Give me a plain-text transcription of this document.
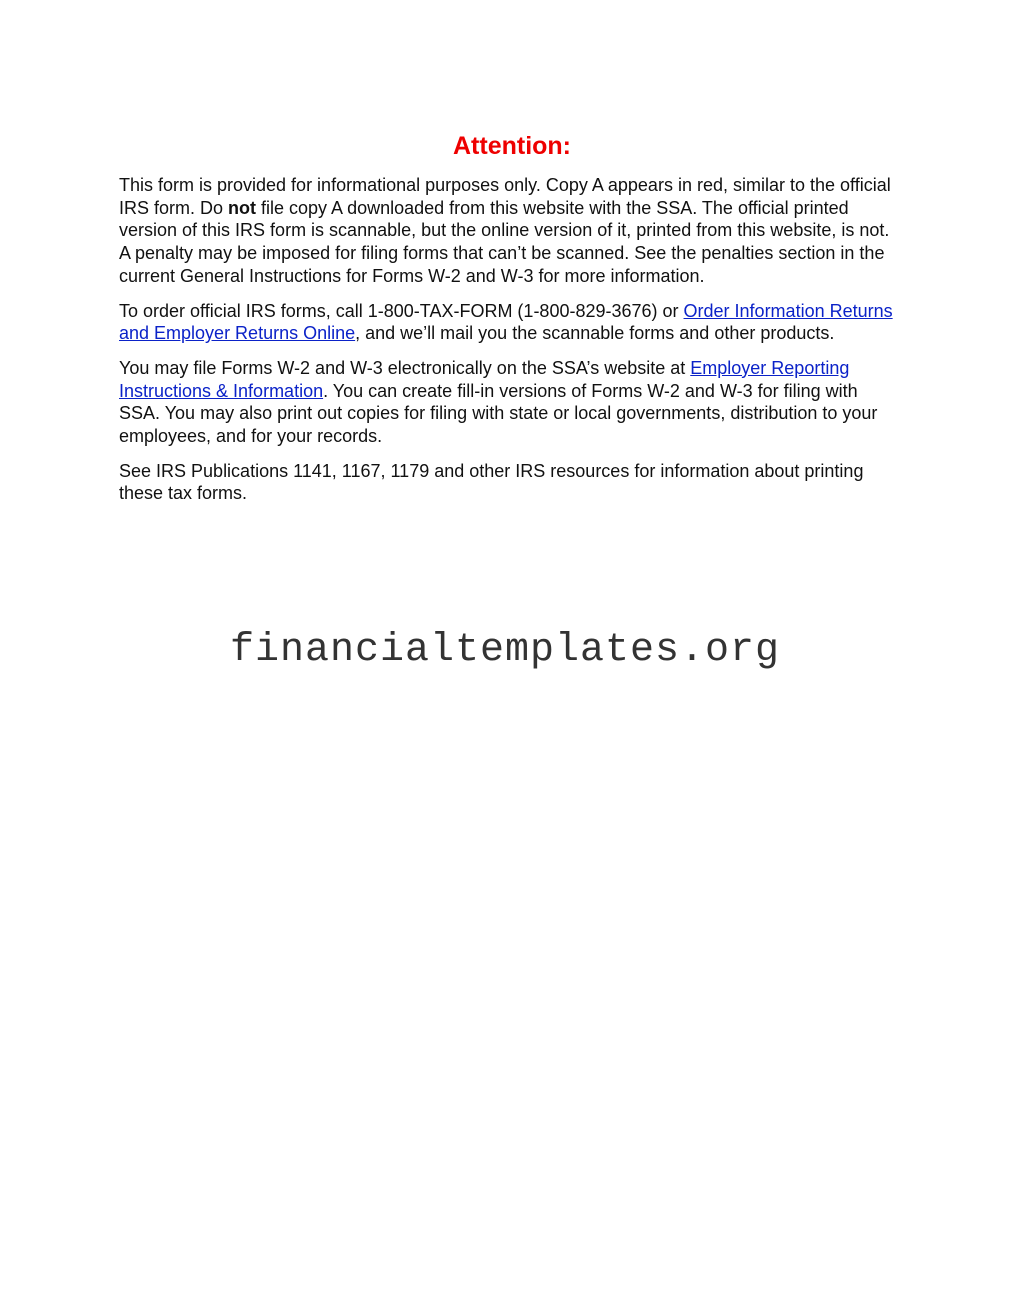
Attention:

This form is provided for informational purposes only. Copy A appears in red, similar to the official IRS form. Do not file copy A downloaded from this website with the SSA. The official printed version of this IRS form is scannable, but the online version of it, printed from this website, is not. A penalty may be imposed for filing forms that can’t be scanned. See the penalties section in the current General Instructions for Forms W-2 and W-3 for more information.

To order official IRS forms, call 1-800-TAX-FORM (1-800-829-3676) or Order Information Returns and Employer Returns Online, and we’ll mail you the scannable forms and other products.

You may file Forms W-2 and W-3 electronically on the SSA’s website at Employer Reporting Instructions & Information. You can create fill-in versions of Forms W-2 and W-3 for filing with SSA. You may also print out copies for filing with state or local governments, distribution to your employees, and for your records.

See IRS Publications 1141, 1167, 1179 and other IRS resources for information about printing these tax forms.

financialtemplates.org
